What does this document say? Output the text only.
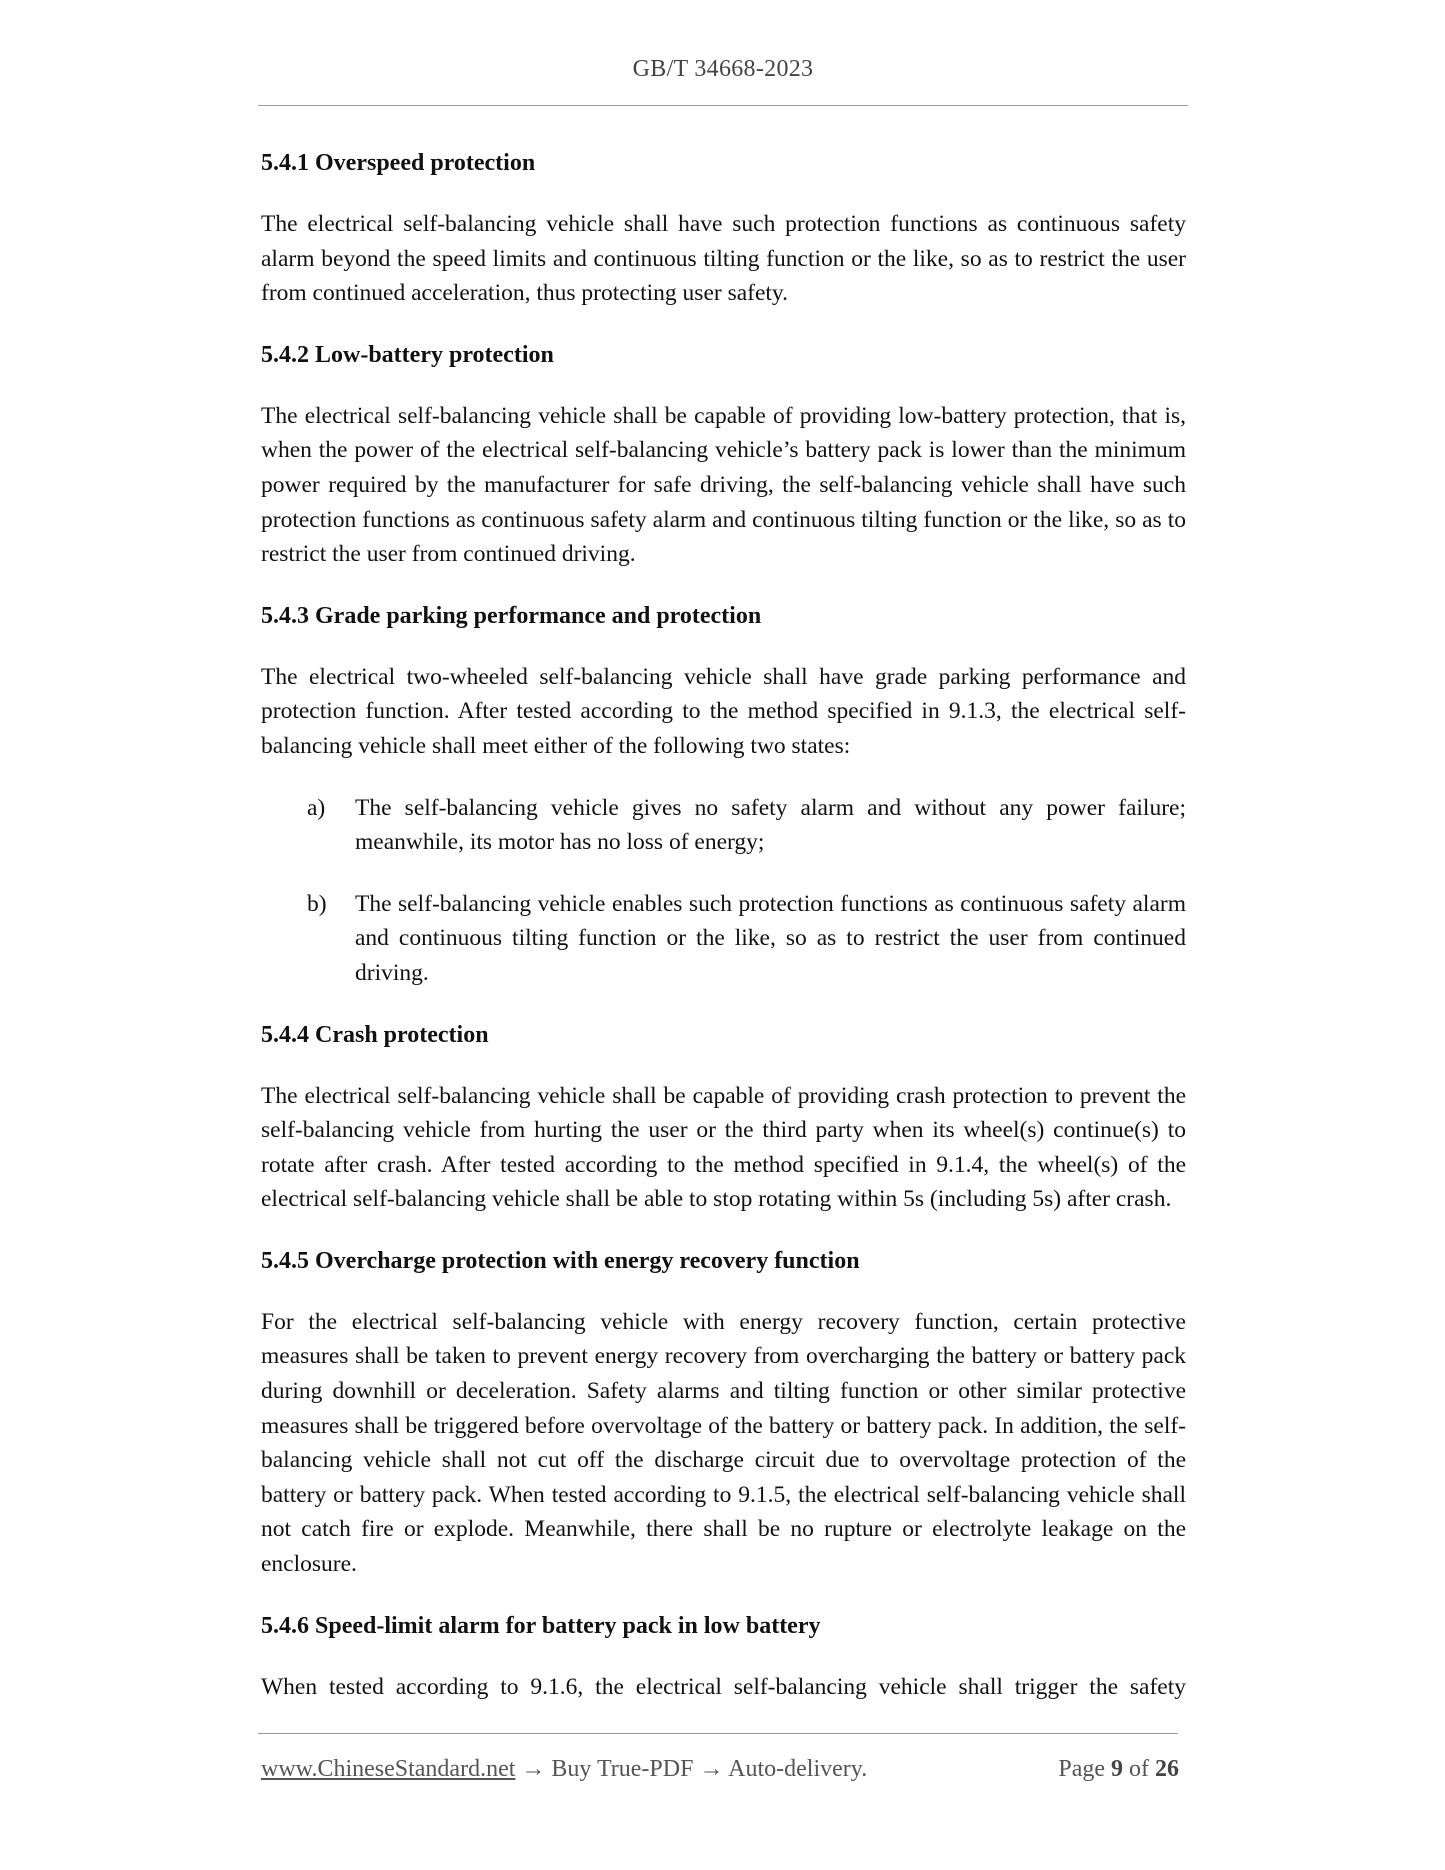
GB/T 34668-2023
5.4.1 Overspeed protection
The electrical self-balancing vehicle shall have such protection functions as continuous safety alarm beyond the speed limits and continuous tilting function or the like, so as to restrict the user from continued acceleration, thus protecting user safety.
5.4.2 Low-battery protection
The electrical self-balancing vehicle shall be capable of providing low-battery protection, that is, when the power of the electrical self-balancing vehicle’s battery pack is lower than the minimum power required by the manufacturer for safe driving, the self-balancing vehicle shall have such protection functions as continuous safety alarm and continuous tilting function or the like, so as to restrict the user from continued driving.
5.4.3 Grade parking performance and protection
The electrical two-wheeled self-balancing vehicle shall have grade parking performance and protection function. After tested according to the method specified in 9.1.3, the electrical self-balancing vehicle shall meet either of the following two states:
a)	The self-balancing vehicle gives no safety alarm and without any power failure; meanwhile, its motor has no loss of energy;
b)	The self-balancing vehicle enables such protection functions as continuous safety alarm and continuous tilting function or the like, so as to restrict the user from continued driving.
5.4.4 Crash protection
The electrical self-balancing vehicle shall be capable of providing crash protection to prevent the self-balancing vehicle from hurting the user or the third party when its wheel(s) continue(s) to rotate after crash. After tested according to the method specified in 9.1.4, the wheel(s) of the electrical self-balancing vehicle shall be able to stop rotating within 5s (including 5s) after crash.
5.4.5 Overcharge protection with energy recovery function
For the electrical self-balancing vehicle with energy recovery function, certain protective measures shall be taken to prevent energy recovery from overcharging the battery or battery pack during downhill or deceleration. Safety alarms and tilting function or other similar protective measures shall be triggered before overvoltage of the battery or battery pack. In addition, the self-balancing vehicle shall not cut off the discharge circuit due to overvoltage protection of the battery or battery pack. When tested according to 9.1.5, the electrical self-balancing vehicle shall not catch fire or explode. Meanwhile, there shall be no rupture or electrolyte leakage on the enclosure.
5.4.6 Speed-limit alarm for battery pack in low battery
When tested according to 9.1.6, the electrical self-balancing vehicle shall trigger the safety
www.ChineseStandard.net → Buy True-PDF → Auto-delivery.	Page 9 of 26
